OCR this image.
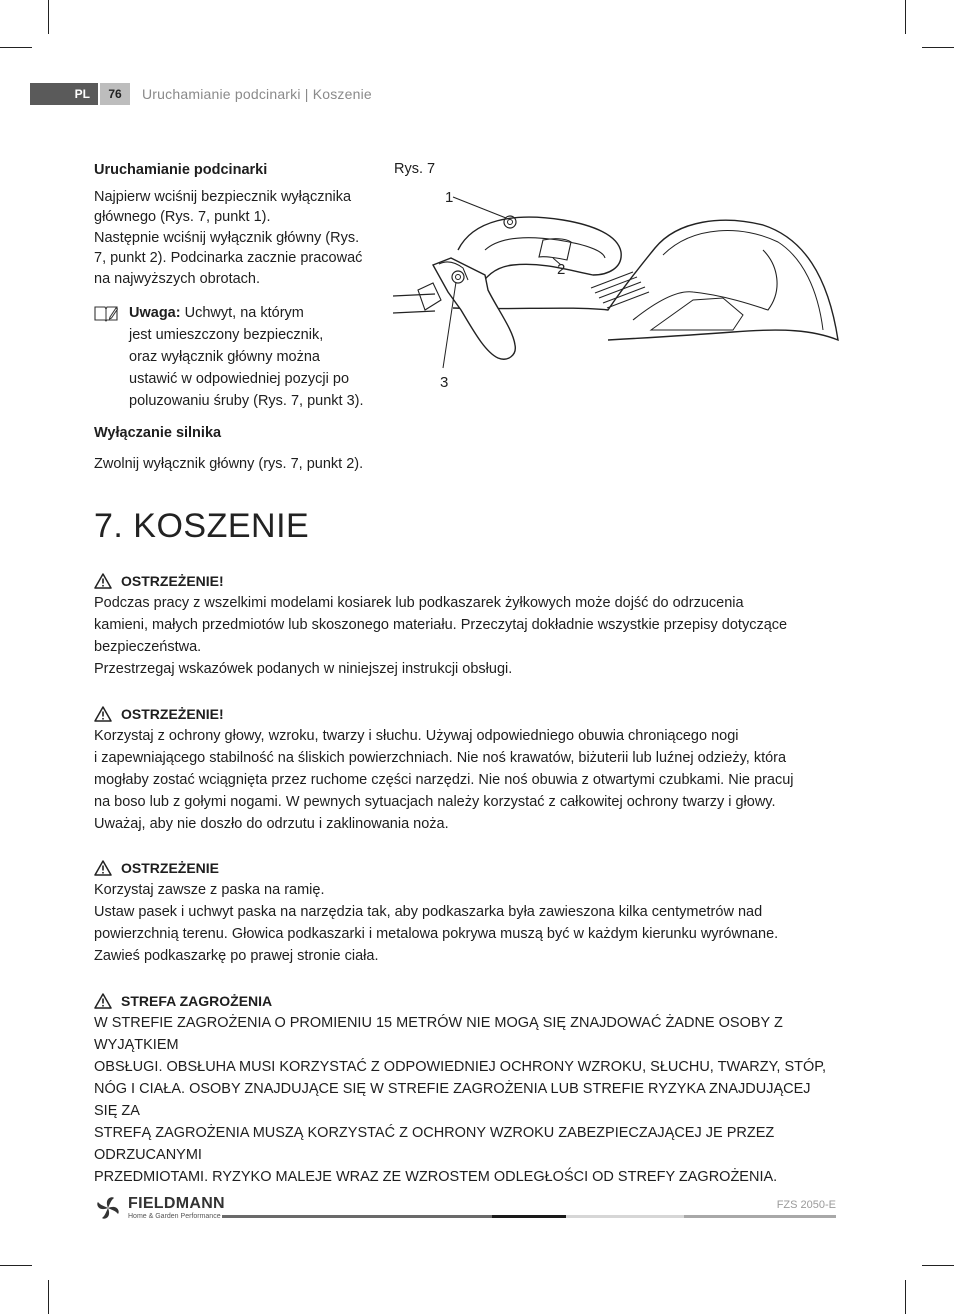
PL	76	Uruchamianie podcinarki | Koszenie
Uruchamianie podcinarki

Najpierw wciśnij bezpiecznik wyłącznika

głównego (Rys. 7, punkt 1).

Następnie wciśnij wyłącznik główny (Rys.

7, punkt 2). Podcinarka zacznie pracować

na najwyższych obrotach.

Uwaga: Uchwyt, na którym

jest umieszczony bezpiecznik,

oraz wyłącznik główny można

ustawić w odpowiedniej pozycji po

poluzowaniu śruby (Rys. 7, punkt 3).

Wyłączanie silnika

Zwolnij wyłącznik główny (rys. 7, punkt 2).

Rys. 7
1
2
3
7. KOSZENIE
OSTRZEŻENIE!

Podczas pracy z wszelkimi modelami kosiarek lub podkaszarek żyłkowych może dojść do odrzucenia

kamieni, małych przedmiotów lub skoszonego materiału. Przeczytaj dokładnie wszystkie przepisy dotyczące

bezpieczeństwa.

Przestrzegaj wskazówek podanych w niniejszej instrukcji obsługi.

OSTRZEŻENIE!

Korzystaj z ochrony głowy, wzroku, twarzy i słuchu. Używaj odpowiedniego obuwia chroniącego nogi

i zapewniającego stabilność na śliskich powierzchniach. Nie noś krawatów, biżuterii lub luźnej odzieży, która

mogłaby zostać wciągnięta przez ruchome części narzędzi. Nie noś obuwia z otwartymi czubkami. Nie pracuj

na boso lub z gołymi nogami. W pewnych sytuacjach należy korzystać z całkowitej ochrony twarzy i głowy.

Uważaj, aby nie doszło do odrzutu i zaklinowania noża.

OSTRZEŻENIE

Korzystaj zawsze z paska na ramię.

Ustaw pasek i uchwyt paska na narzędzia tak, aby podkaszarka była zawieszona kilka centymetrów nad

powierzchnią terenu. Głowica podkaszarki i metalowa pokrywa muszą być w każdym kierunku wyrównane.

Zawieś podkaszarkę po prawej stronie ciała.

STREFA ZAGROŻENIA

W STREFIE ZAGROŻENIA O PROMIENIU 15 METRÓW NIE MOGĄ SIĘ ZNAJDOWAĆ ŻADNE OSOBY Z WYJĄTKIEM

OBSŁUGI. OBSŁUHA MUSI KORZYSTAĆ Z ODPOWIEDNIEJ OCHRONY WZROKU, SŁUCHU, TWARZY, STÓP,

NÓG I CIAŁA. OSOBY ZNAJDUJĄCE SIĘ W STREFIE ZAGROŻENIA LUB STREFIE RYZYKA ZNAJDUJĄCEJ SIĘ ZA

STREFĄ ZAGROŻENIA MUSZĄ KORZYSTAĆ Z OCHRONY WZROKU ZABEZPIECZAJĄCEJ JE PRZEZ ODRZUCANYMI

PRZEDMIOTAMI. RYZYKO MALEJE WRAZ ZE WZROSTEM ODLEGŁOŚCI OD STREFY ZAGROŻENIA.

FIELDMANN
Home & Garden Performance
FZS 2050-E
